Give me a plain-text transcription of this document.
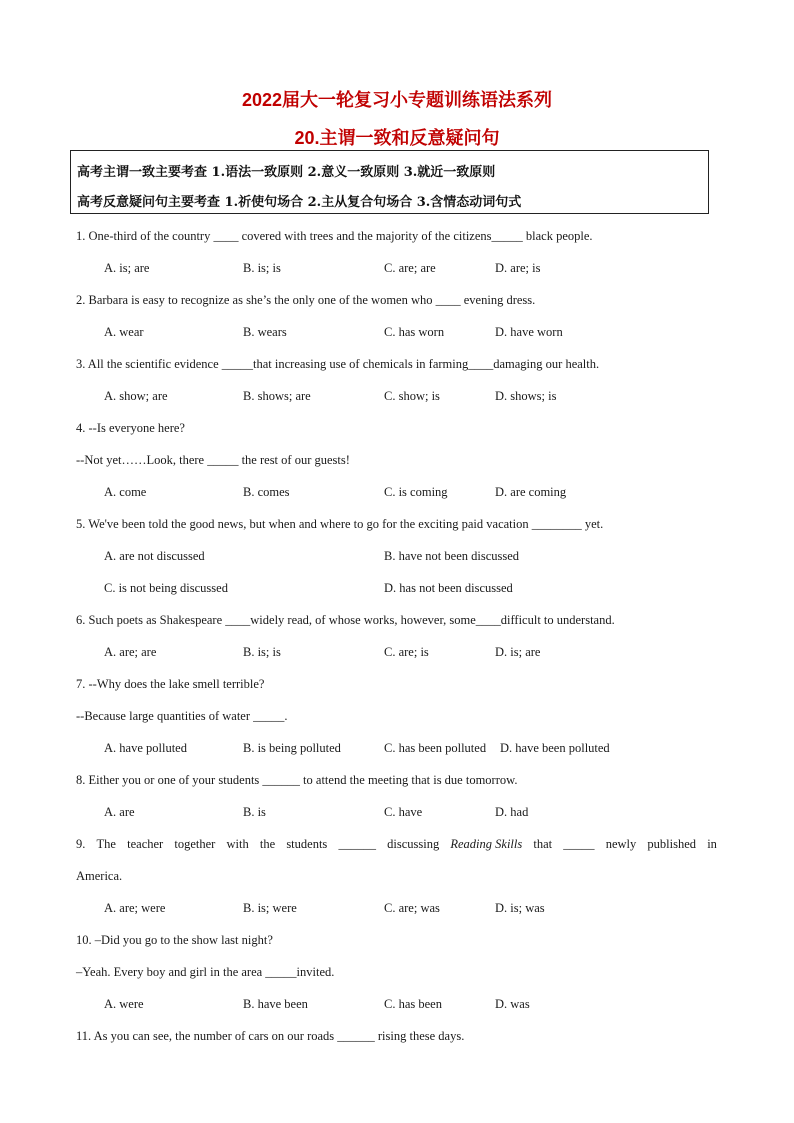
2022届大一轮复习小专题训练语法系列
20.主谓一致和反意疑问句
高考主谓一致主要考查 1.语法一致原则 2.意义一致原则 3.就近一致原则
高考反意疑问句主要考查 1.祈使句场合 2.主从复合句场合 3.含情态动词句式
1. One-third of the country ____ covered with trees and the majority of the citizens_____ black people.
A. is; are	B. is; is	C. are; are	D. are; is
2. Barbara is easy to recognize as she’s the only one of the women who ____ evening dress.
A. wear	B. wears	C. has worn	D. have worn
3. All the scientific evidence _____that increasing use of chemicals in farming____damaging our health.
A. show; are	B. shows; are	C. show; is	D. shows; is
4. --Is everyone here?
--Not yet……Look, there _____ the rest of our guests!
A. come	B. comes	C. is coming	D. are coming
5. We've been told the good news, but when and where to go for the exciting paid vacation ________ yet.
A. are not discussed	B. have not been discussed
C. is not being discussed	D. has not been discussed
6. Such poets as Shakespeare ____widely read, of whose works, however, some____difficult to understand.
A. are; are	B. is; is	C. are; is	D. is; are
7. --Why does the lake smell terrible?
--Because large quantities of water _____.
A. have polluted	B. is being polluted	C. has been polluted D. have been polluted
8. Either you or one of your students ______ to attend the meeting that is due tomorrow.
A. are	B. is	C. have	D. had
9. The teacher together with the students ______ discussing Reading Skills that _____ newly published in
America.
A. are; were	B. is; were	C. are; was	D. is; was
10. –Did you go to the show last night?
–Yeah. Every boy and girl in the area _____invited.
A. were	B. have been	C. has been	D. was
11. As you can see, the number of cars on our roads ______ rising these days.
